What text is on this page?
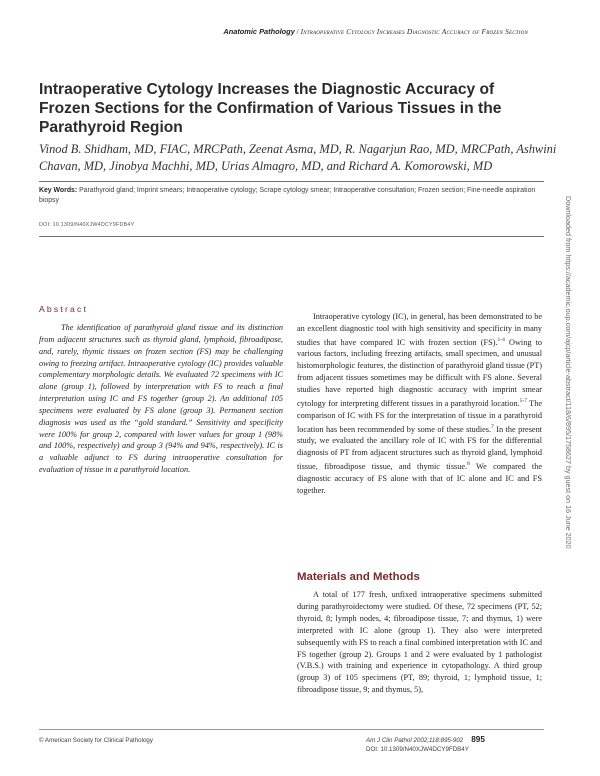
Anatomic Pathology / Intraoperative Cytology Increases Diagnostic Accuracy of Frozen Section
Intraoperative Cytology Increases the Diagnostic Accuracy of Frozen Sections for the Confirmation of Various Tissues in the Parathyroid Region
Vinod B. Shidham, MD, FIAC, MRCPath, Zeenat Asma, MD, R. Nagarjun Rao, MD, MRCPath, Ashwini Chavan, MD, Jinobya Machhi, MD, Urias Almagro, MD, and Richard A. Komorowski, MD
Key Words: Parathyroid gland; Imprint smears; Intraoperative cytology; Scrape cytology smear; Intraoperative consultation; Frozen section; Fine-needle aspiration biopsy
DOI: 10.1309/N40XJW4DCY9FDB4Y	Downloaded from https://academic.oup.com/ajcp/article-abstract/118/6/895/1758627 by guest on 16 June 2020
Abstract

The identification of parathyroid gland tissue and its distinction from adjacent structures such as thyroid gland, lymphoid, fibroadipose, and, rarely, thymic tissues on frozen section (FS) may be challenging owing to freezing artifact. Intraoperative cytology (IC) provides valuable complementary morphologic details. We evaluated 72 specimens with IC alone (group 1), followed by interpretation with FS to reach a final interpretation using IC and FS together (group 2). An additional 105 specimens were evaluated by FS alone (group 3). Permanent section diagnosis was used as the “gold standard.” Sensitivity and specificity were 100% for group 2, compared with lower values for group 1 (98% and 100%, respectively) and group 3 (94% and 94%, respectively). IC is a valuable adjunct to FS during intraoperative consultation for evaluation of tissue in a parathyroid location.

Intraoperative cytology (IC), in general, has been demonstrated to be an excellent diagnostic tool with high sensitivity and specificity in many studies that have compared IC with frozen section (FS).$^{1-4}$ Owing to various factors, including freezing artifacts, small specimen, and unusual histomorphologic features, the distinction of parathyroid gland tissue (PT) from adjacent tissues sometimes may be difficult with FS alone. Several studies have reported high diagnostic accuracy with imprint smear cytology for interpreting different tissues in a parathyroid location.$^{5-7}$ The comparison of IC with FS for the interpretation of tissue in a parathyroid location has been recommended by some of these studies.$^7$ In the present study, we evaluated the ancillary role of IC with FS for the differential diagnosis of PT from adjacent structures such as thyroid gland, lymphoid tissue, fibroadipose tissue, and thymic tissue.$^8$ We compared the diagnostic accuracy of FS alone with that of IC alone and IC and FS together.

Materials and Methods

A total of 177 fresh, unfixed intraoperative specimens submitted during parathyroidectomy were studied. Of these, 72 specimens (PT, 52; thyroid, 8; lymph nodes, 4; fibroadipose tissue, 7; and thymus, 1) were interpreted with IC alone (group 1). They also were interpreted subsequently with FS to reach a final combined interpretation with IC and FS together (group 2). Groups 1 and 2 were evaluated by 1 pathologist (V.B.S.) with training and experience in cytopathology. A third group (group 3) of 105 specimens (PT, 89; thyroid, 1; lymphoid tissue, 1; fibroadipose tissue, 9; and thymus, 5),

© American Society for Clinical Pathology	Am J Clin Pathol 2002;118:895-902 895
DOI: 10.1309/N40XJW4DCY9FDB4Y
